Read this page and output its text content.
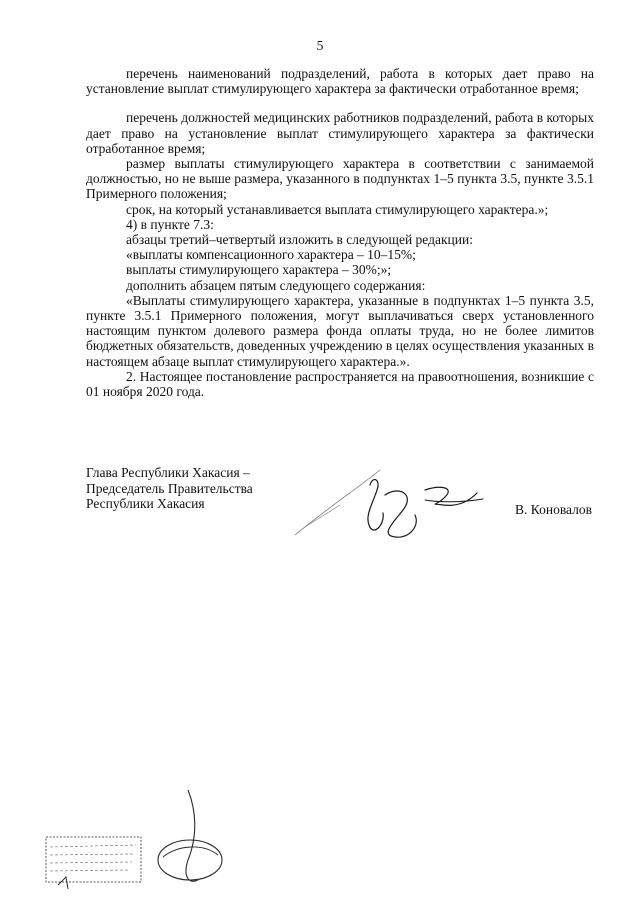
5

перечень наименований подразделений, работа в которых дает право на установление выплат стимулирующего характера за фактически отработанное время;

перечень должностей медицинских работников подразделений, работа в которых дает право на установление выплат стимулирующего характера за фактически отработанное время;

размер выплаты стимулирующего характера в соответствии с занимаемой должностью, но не выше размера, указанного в подпунктах 1–5 пункта 3.5, пункте 3.5.1 Примерного положения;

срок, на который устанавливается выплата стимулирующего характера.»;

4) в пункте 7.3:

абзацы третий–четвертый изложить в следующей редакции:

«выплаты компенсационного характера – 10–15%;

выплаты стимулирующего характера – 30%;»;

дополнить абзацем пятым следующего содержания:

«Выплаты стимулирующего характера, указанные в подпунктах 1–5 пункта 3.5, пункте 3.5.1 Примерного положения, могут выплачиваться сверх установленного настоящим пунктом долевого размера фонда оплаты труда, но не более лимитов бюджетных обязательств, доведенных учреждению в целях осуществления указанных в настоящем абзаце выплат стимулирующего характера.».

2. Настоящее постановление распространяется на правоотношения, возникшие с 01 ноября 2020 года.

Глава Республики Хакасия –
Председатель Правительства
Республики Хакасия	В. Коновалов
